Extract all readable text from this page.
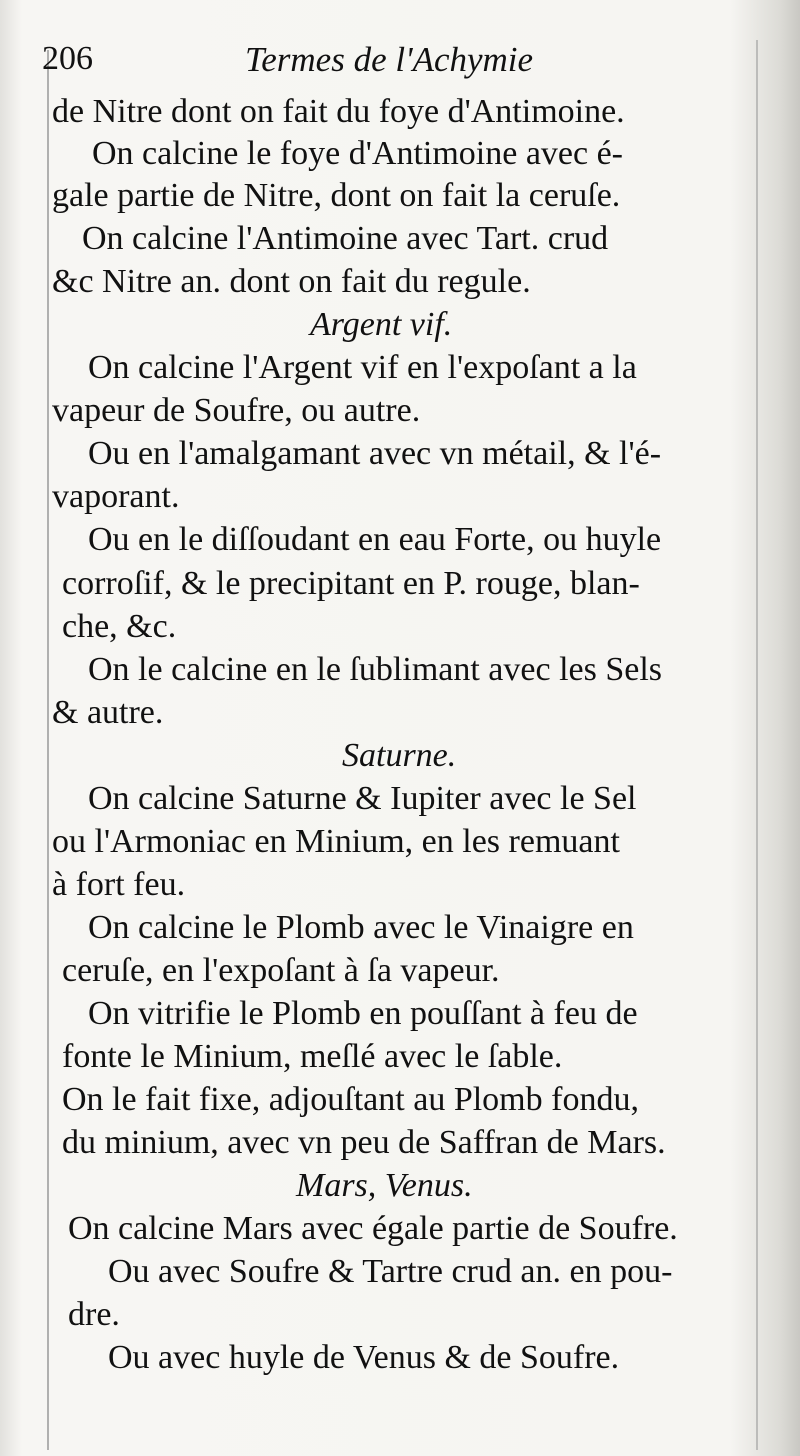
206	Termes de l'Achymie
de Nitre dont on fait du foye d'Antimoine.
On calcine le foye d'Antimoine avec é-
gale partie de Nitre, dont on fait la ceruſe.
On calcine l'Antimoine avec Tart. crud
&c Nitre an. dont on fait du regule.
Argent vif.
On calcine l'Argent vif en l'expoſant a la
vapeur de Soufre, ou autre.
Ou en l'amalgamant avec vn métail, & l'é-
vaporant.
Ou en le diſſoudant en eau Forte, ou huyle
corroſif, & le precipitant en P. rouge, blan-
che, &c.
On le calcine en le ſublimant avec les Sels
& autre.
Saturne.
On calcine Saturne & Iupiter avec le Sel
ou l'Armoniac en Minium, en les remuant
à fort feu.
On calcine le Plomb avec le Vinaigre en
ceruſe, en l'expoſant à ſa vapeur.
On vitrifie le Plomb en pouſſant à feu de
fonte le Minium, meſlé avec le ſable.
On le fait fixe, adjouſtant au Plomb fondu,
du minium, avec vn peu de Saffran de Mars.
Mars, Venus.
On calcine Mars avec égale partie de Soufre.
Ou avec Soufre & Tartre crud an. en pou-
dre.
Ou avec huyle de Venus & de Soufre.
